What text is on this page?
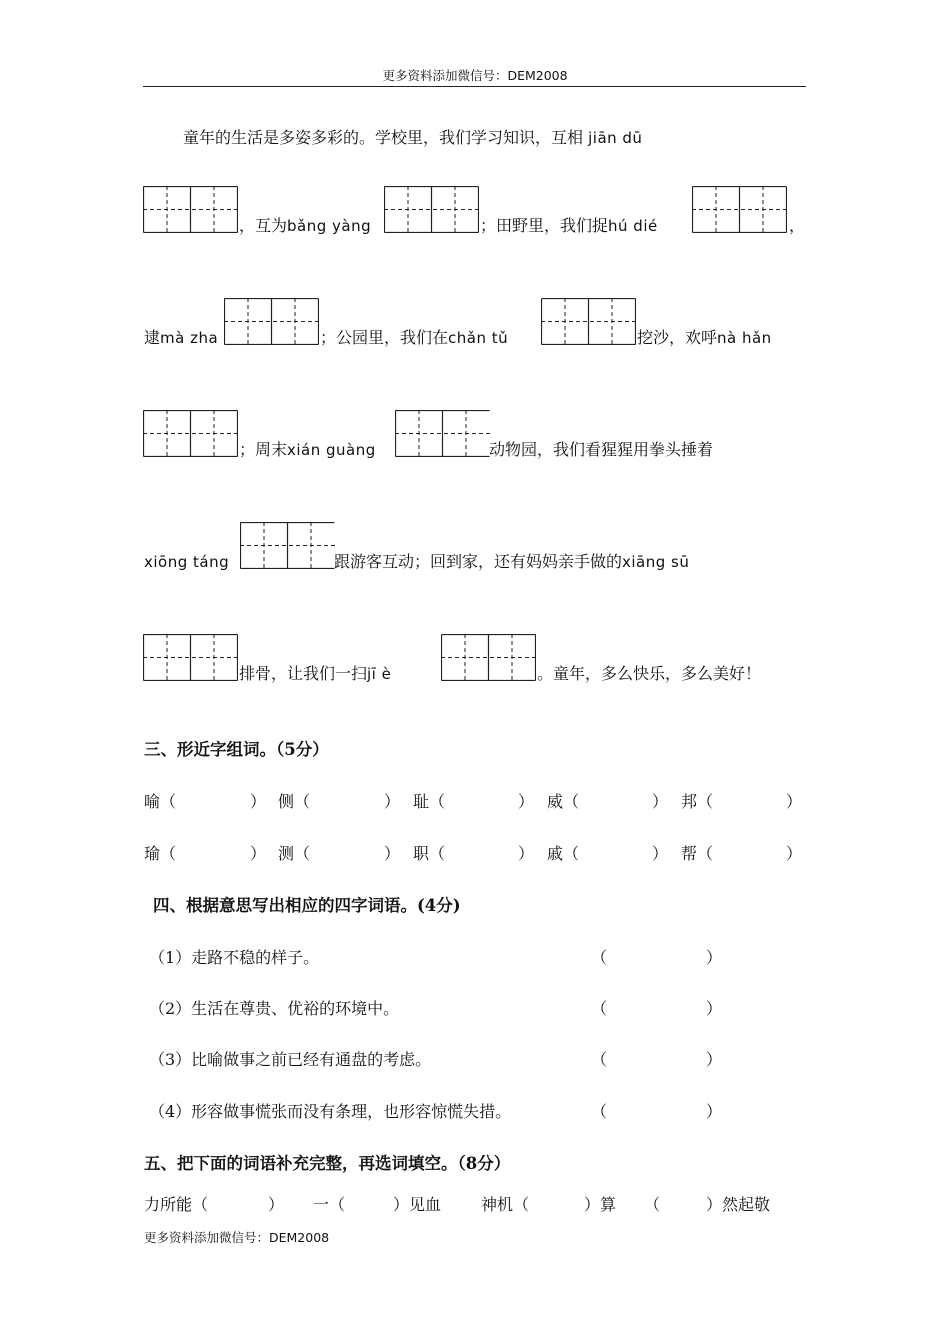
更多资料添加微信号：DEM2008
童年的生活是多姿多彩的。学校里，我们学习知识，互相 jiān dū
，互为bǎng yàng	；田野里，我们捉hú dié	，
逮mà zha	；公园里，我们在chǎn tǔ	挖沙，欢呼nà hǎn
；周末xián guàng	动物园，我们看猩猩用拳头捶着
xiōng táng	跟游客互动；回到家，还有妈妈亲手做的xiāng sū
排骨，让我们一扫jī è	。童年，多么快乐，多么美好！
三、形近字组词。（5分）
喻（	） 侧（	） 耻（	） 威（	） 邦（	）
瑜（	） 测（	） 职（	） 戚（	） 帮（	）
四、根据意思写出相应的四字词语。(4分)
（1）走路不稳的样子。	（	）
（2）生活在尊贵、优裕的环境中。	（	）
（3）比喻做事之前已经有通盘的考虑。	（	）
（4）形容做事慌张而没有条理，也形容惊慌失措。	（	）
五、把下面的词语补充完整，再选词填空。（8分）
力所能（	） 一（	）见血 神机（	）算 （	）然起敬
更多资料添加微信号：DEM2008
